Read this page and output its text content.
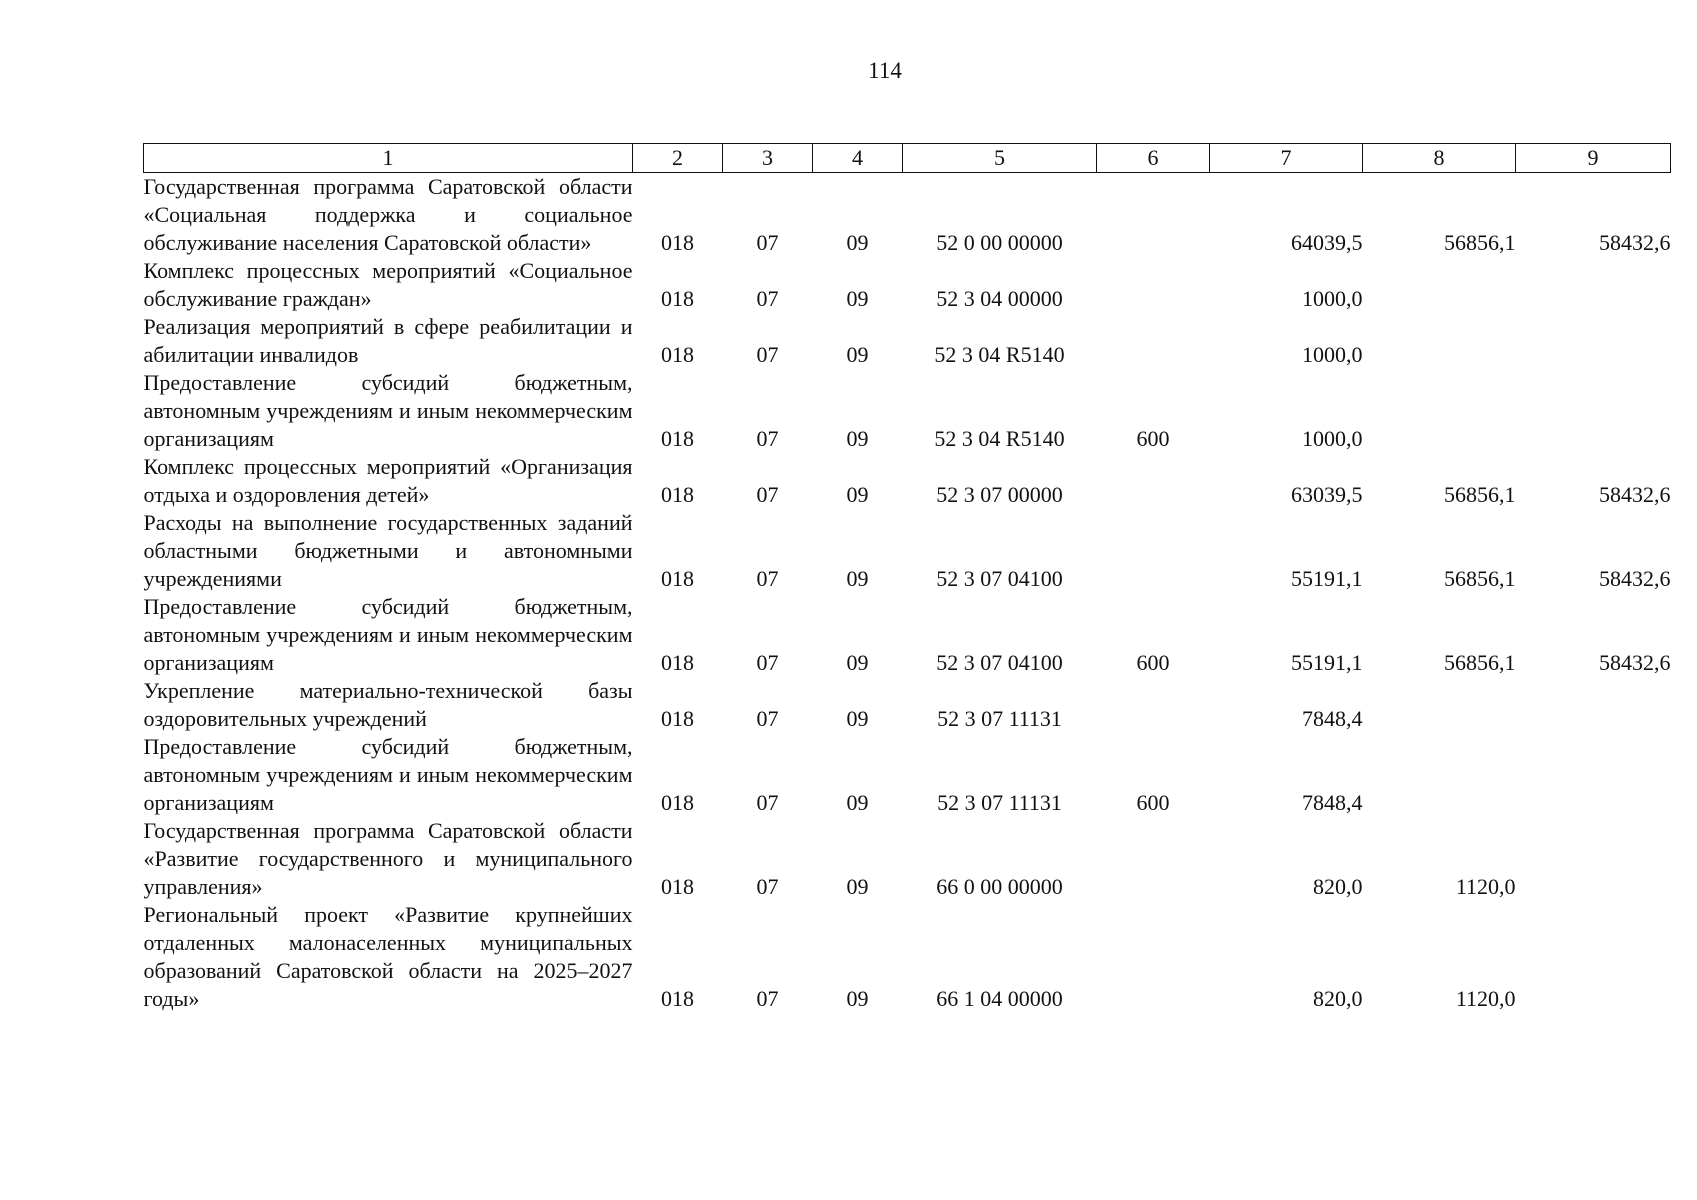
114
1	2	3	4	5	6	7	8	9
Государственная программа Саратовской области «Социальная поддержка и социальное обслуживание населения Саратовской области»	018	07	09	52 0 00 00000		64039,5	56856,1	58432,6
Комплекс процессных мероприятий «Социальное обслуживание граждан»	018	07	09	52 3 04 00000		1000,0		
Реализация мероприятий в сфере реабилитации и абилитации инвалидов	018	07	09	52 3 04 R5140		1000,0		
Предоставление субсидий бюджетным, автономным учреждениям и иным некоммерческим организациям	018	07	09	52 3 04 R5140	600	1000,0		
Комплекс процессных мероприятий «Организация отдыха и оздоровления детей»	018	07	09	52 3 07 00000		63039,5	56856,1	58432,6
Расходы на выполнение государственных заданий областными бюджетными и автономными учреждениями	018	07	09	52 3 07 04100		55191,1	56856,1	58432,6
Предоставление субсидий бюджетным, автономным учреждениям и иным некоммерческим организациям	018	07	09	52 3 07 04100	600	55191,1	56856,1	58432,6
Укрепление материально-технической базы оздоровительных учреждений	018	07	09	52 3 07 11131		7848,4		
Предоставление субсидий бюджетным, автономным учреждениям и иным некоммерческим организациям	018	07	09	52 3 07 11131	600	7848,4		
Государственная программа Саратовской области «Развитие государственного и муниципального управления»	018	07	09	66 0 00 00000		820,0	1120,0	
Региональный проект «Развитие крупнейших отдаленных малонаселенных муниципальных образований Саратовской области на 2025–2027 годы»	018	07	09	66 1 04 00000		820,0	1120,0	
